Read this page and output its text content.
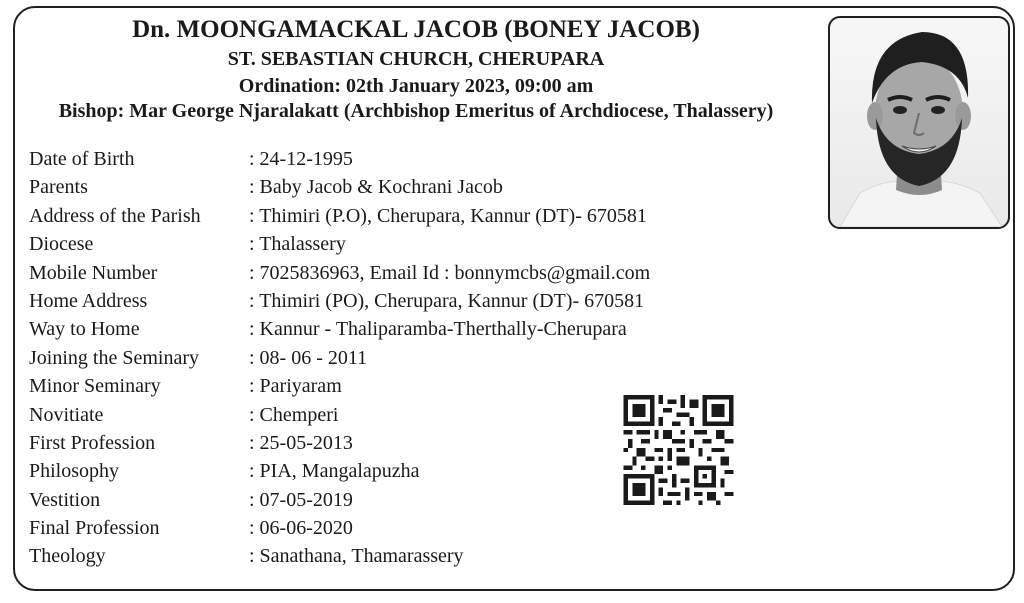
Dn. MOONGAMACKAL JACOB (BONEY JACOB)
ST. SEBASTIAN CHURCH, CHERUPARA
Ordination: 02th January 2023, 09:00 am
Bishop: Mar George Njaralakatt (Archbishop Emeritus of Archdiocese, Thalassery)
Date of Birth	: 24-12-1995
Parents	: Baby Jacob & Kochrani Jacob
Address of the Parish	: Thimiri (P.O), Cherupara, Kannur (DT)- 670581
Diocese	: Thalassery
Mobile Number	: 7025836963, Email Id : bonnymcbs@gmail.com
Home Address	: Thimiri (PO), Cherupara, Kannur (DT)- 670581
Way to Home	: Kannur - Thaliparamba-Therthally-Cherupara
Joining the Seminary	: 08- 06 - 2011
Minor Seminary	: Pariyaram
Novitiate	: Chemperi
First Profession	: 25-05-2013
Philosophy	: PIA, Mangalapuzha
Vestition	: 07-05-2019
Final Profession	: 06-06-2020
Theology	: Sanathana, Thamarassery
